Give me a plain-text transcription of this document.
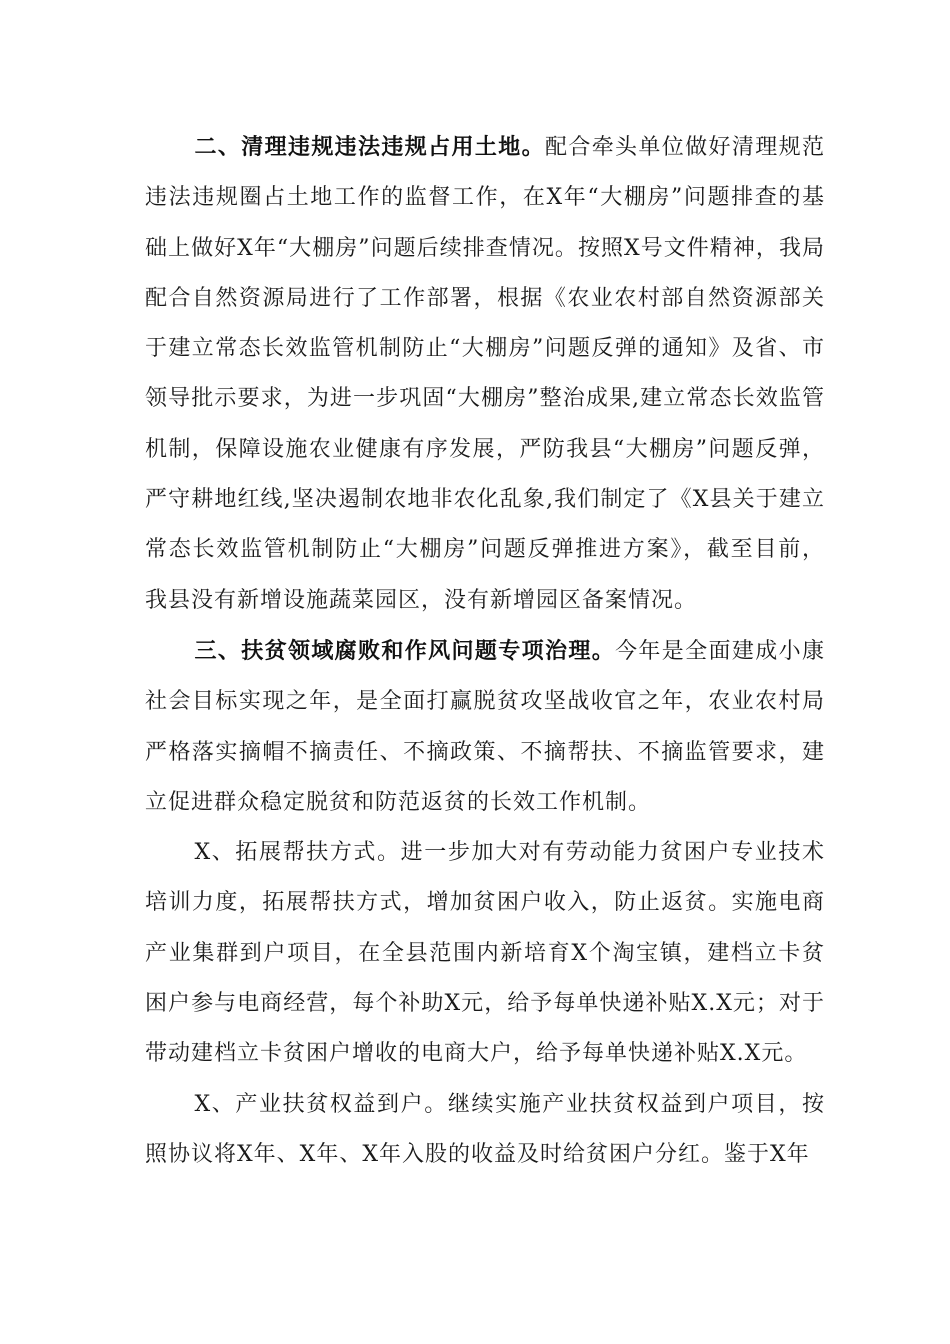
二、清理违规违法违规占用土地。配合牵头单位做好清理规范违法违规圈占土地工作的监督工作，在X年“大棚房”问题排查的基础上做好X年“大棚房”问题后续排查情况。按照X号文件精神，我局配合自然资源局进行了工作部署，根据《农业农村部自然资源部关于建立常态长效监管机制防止“大棚房”问题反弹的通知》及省、市领导批示要求，为进一步巩固“大棚房”整治成果,建立常态长效监管机制，保障设施农业健康有序发展，严防我县“大棚房”问题反弹，严守耕地红线,坚决遏制农地非农化乱象,我们制定了《X县关于建立常态长效监管机制防止“大棚房”问题反弹推进方案》，截至目前，我县没有新增设施蔬菜园区，没有新增园区备案情况。

三、扶贫领域腐败和作风问题专项治理。今年是全面建成小康社会目标实现之年，是全面打赢脱贫攻坚战收官之年，农业农村局严格落实摘帽不摘责任、不摘政策、不摘帮扶、不摘监管要求，建立促进群众稳定脱贫和防范返贫的长效工作机制。

X、拓展帮扶方式。进一步加大对有劳动能力贫困户专业技术培训力度，拓展帮扶方式，增加贫困户收入，防止返贫。实施电商产业集群到户项目，在全县范围内新培育X个淘宝镇，建档立卡贫困户参与电商经营，每个补助X元，给予每单快递补贴X.X元；对于带动建档立卡贫困户增收的电商大户，给予每单快递补贴X.X元。

X、产业扶贫权益到户。继续实施产业扶贫权益到户项目，按照协议将X年、X年、X年入股的收益及时给贫困户分红。鉴于X年
